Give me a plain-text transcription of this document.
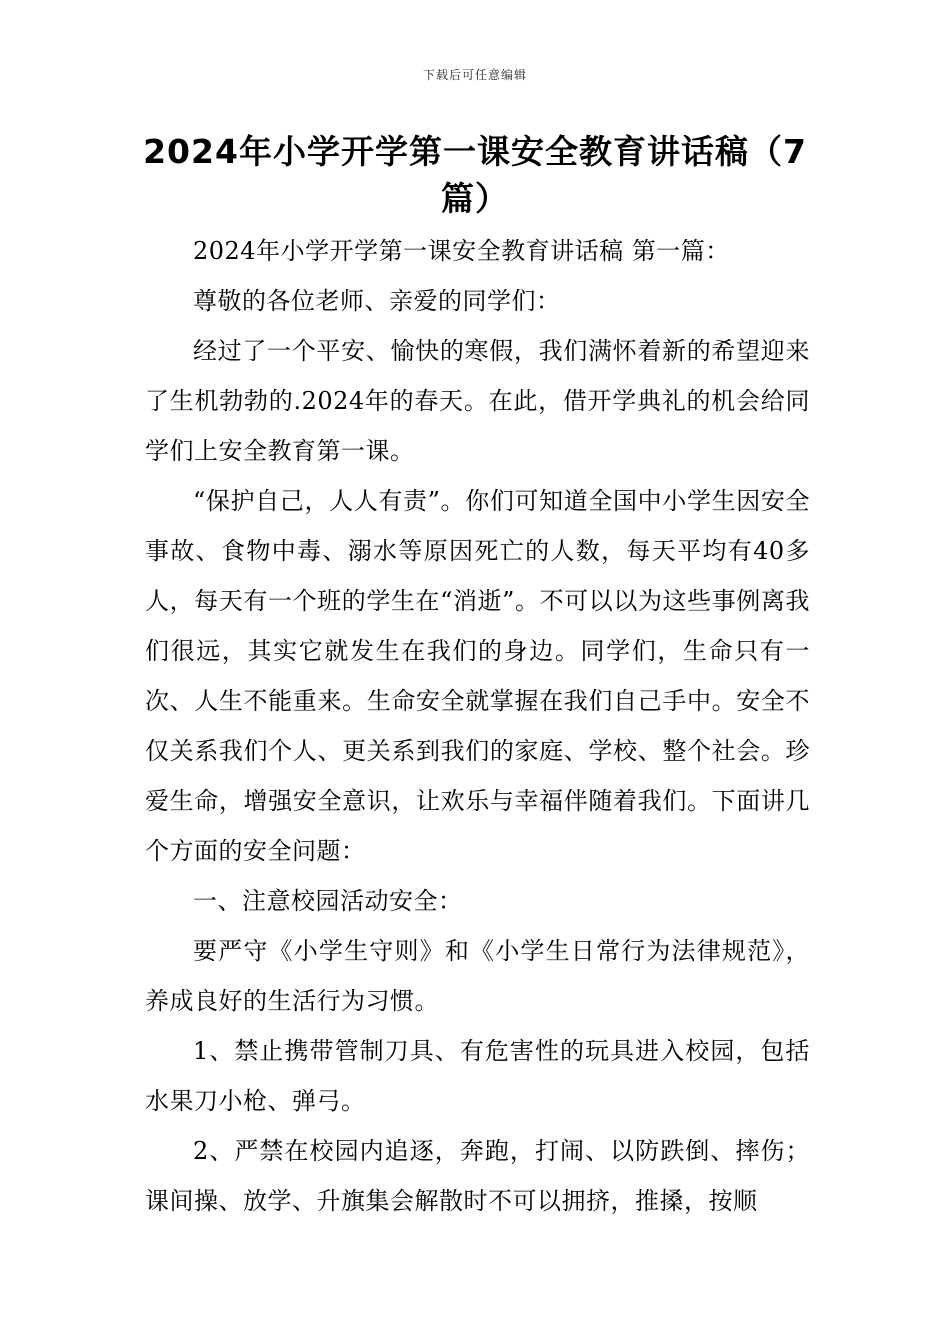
下载后可任意编辑
2024年小学开学第一课安全教育讲话稿（7篇）

2024年小学开学第一课安全教育讲话稿 第一篇：

尊敬的各位老师、亲爱的同学们：

经过了一个平安、愉快的寒假，我们满怀着新的希望迎来了生机勃勃的.2024年的春天。在此，借开学典礼的机会给同学们上安全教育第一课。

“保护自己，人人有责”。你们可知道全国中小学生因安全事故、食物中毒、溺水等原因死亡的人数，每天平均有40多人，每天有一个班的学生在“消逝”。不可以以为这些事例离我们很远，其实它就发生在我们的身边。同学们，生命只有一次、人生不能重来。生命安全就掌握在我们自己手中。安全不仅关系我们个人、更关系到我们的家庭、学校、整个社会。珍爱生命，增强安全意识，让欢乐与幸福伴随着我们。下面讲几个方面的安全问题：

一、注意校园活动安全：

要严守《小学生守则》和《小学生日常行为法律规范》，养成良好的生活行为习惯。

1、禁止携带管制刀具、有危害性的玩具进入校园，包括水果刀小枪、弹弓。

2、严禁在校园内追逐，奔跑，打闹、以防跌倒、摔伤；课间操、放学、升旗集会解散时不可以拥挤，推搡，按顺
